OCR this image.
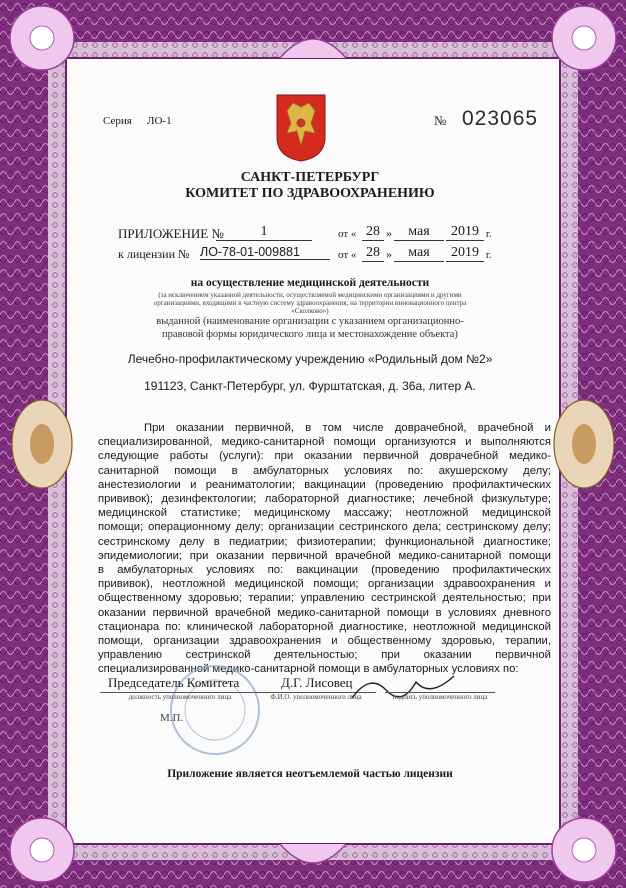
Серия ЛО-1	№ 023065
САНКТ-ПЕТЕРБУРГ
КОМИТЕТ ПО ЗДРАВООХРАНЕНИЮ
ПРИЛОЖЕНИЕ №	1	от « 28 »	мая	2019 г.
к лицензии № ЛО-78-01-009881	от « 28 »	мая	2019 г.
на осуществление медицинской деятельности
(за исключением указанной деятельности, осуществляемой медицинскими организациями и другими
организациями, входящими в частную систему здравоохранения, на территории инновационного центра
«Сколково»)
выданной (наименование организации с указанием организационно-
правовой формы юридического лица и местонахождение объекта)
Лечебно-профилактическому учреждению «Родильный дом №2»
191123, Санкт-Петербург, ул. Фурштатская, д. 36а, литер А.
При оказании первичной, в том числе доврачебной, врачебной и
специализированной, медико-санитарной помощи организуются и выполняются
следующие работы (услуги): при оказании первичной доврачебной медико-
санитарной помощи в амбулаторных условиях по: акушерскому делу;
анестезиологии и реаниматологии; вакцинации (проведению профилактических
прививок); дезинфектологии; лабораторной диагностике; лечебной физкультуре;
медицинской статистике; медицинскому массажу; неотложной медицинской
помощи; операционному делу; организации сестринского дела; сестринскому делу;
сестринскому делу в педиатрии; физиотерапии; функциональной диагностике;
эпидемиологии; при оказании первичной врачебной медико-санитарной помощи
в амбулаторных условиях по: вакцинации (проведению профилактических
прививок), неотложной медицинской помощи; организации здравоохранения и
общественному здоровью; терапии; управлению сестринской деятельностью; при
оказании первичной врачебной медико-санитарной помощи в условиях дневного
стационара по: клинической лабораторной диагностике, неотложной медицинской
помощи, организации здравоохранения и общественному здоровью, терапии,
управлению сестринской деятельностью; при оказании первичной
специализированной медико-санитарной помощи в амбулаторных условиях по:
Председатель Комитета
должность уполномоченного лица
Д.Г. Лисовец
Ф.И.О. уполномоченного лица	подпись уполномоченного лица
М.П.
Приложение является неотъемлемой частью лицензии
